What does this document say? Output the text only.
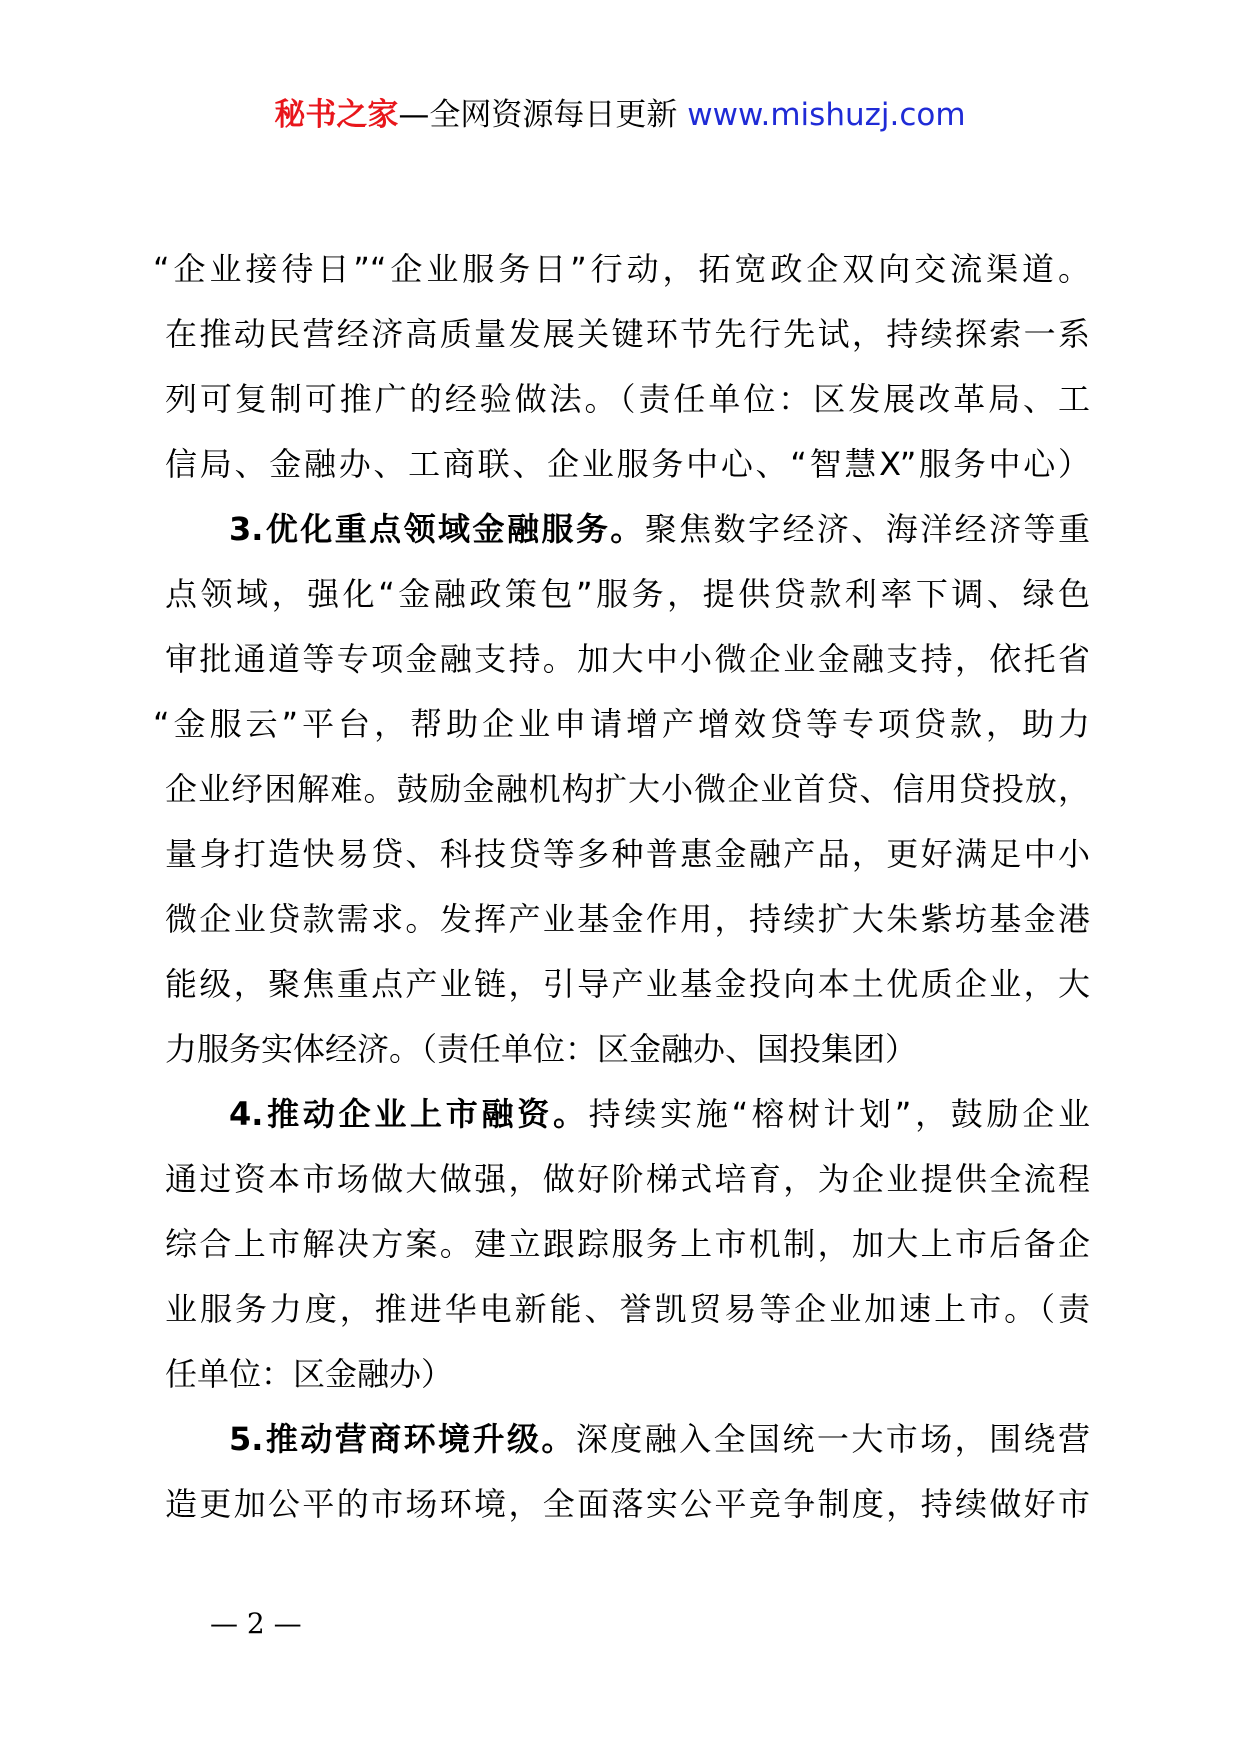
秘书之家—全网资源每日更新 www.mishuzj.com
“企业接待日”“企业服务日”行动，拓宽政企双向交流渠道。
在推动民营经济高质量发展关键环节先行先试，持续探索一系
列可复制可推广的经验做法。（责任单位：区发展改革局、工
信局、金融办、工商联、企业服务中心、“智慧X”服务中心）
3.优化重点领域金融服务。聚焦数字经济、海洋经济等重
点领域，强化“金融政策包”服务，提供贷款利率下调、绿色
审批通道等专项金融支持。加大中小微企业金融支持，依托省
“金服云”平台，帮助企业申请增产增效贷等专项贷款，助力
企业纾困解难。鼓励金融机构扩大小微企业首贷、信用贷投放，
量身打造快易贷、科技贷等多种普惠金融产品，更好满足中小
微企业贷款需求。发挥产业基金作用，持续扩大朱紫坊基金港
能级，聚焦重点产业链，引导产业基金投向本土优质企业，大
力服务实体经济。（责任单位：区金融办、国投集团）
4.推动企业上市融资。持续实施“榕树计划”，鼓励企业
通过资本市场做大做强，做好阶梯式培育，为企业提供全流程
综合上市解决方案。建立跟踪服务上市机制，加大上市后备企
业服务力度，推进华电新能、誉凯贸易等企业加速上市。（责
任单位：区金融办）
5.推动营商环境升级。深度融入全国统一大市场，围绕营
造更加公平的市场环境，全面落实公平竞争制度，持续做好市
— 2 —
